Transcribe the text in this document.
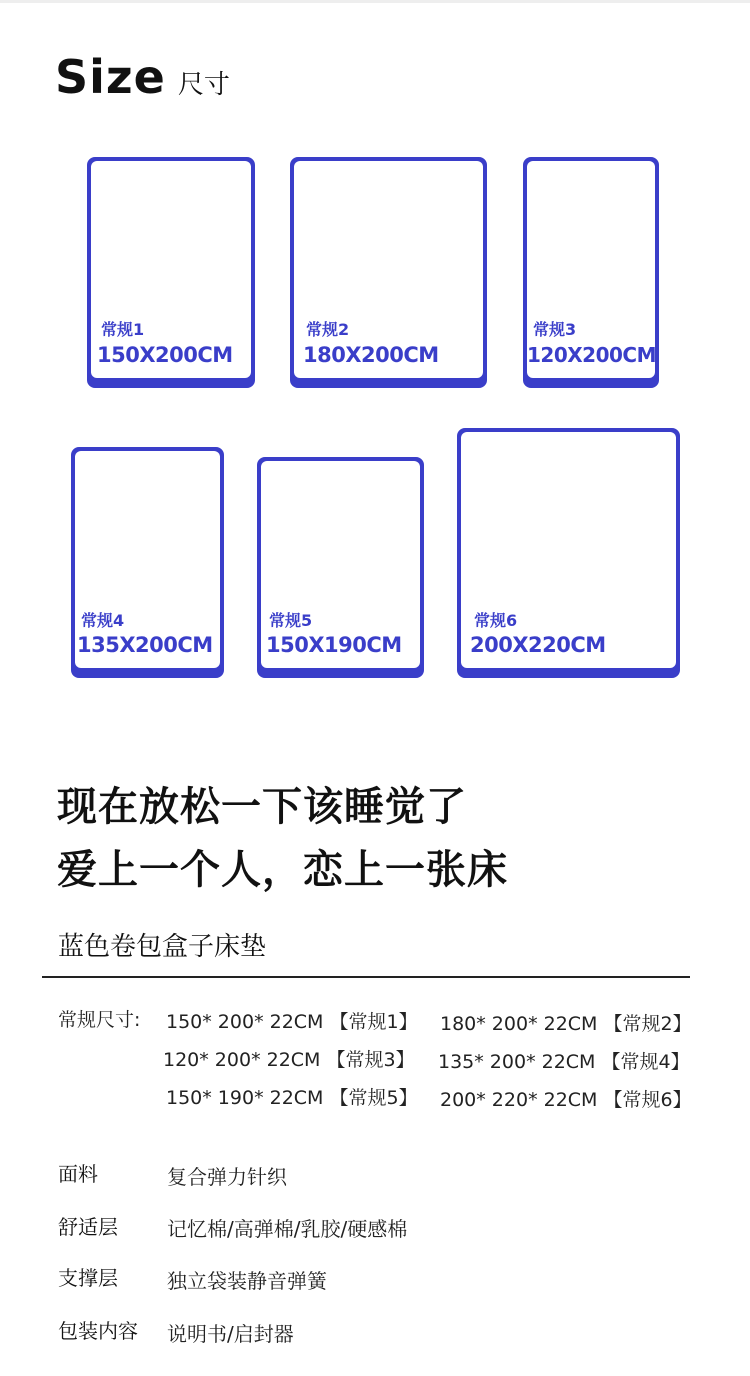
Size 尺寸
常规1
150X200CM
常规2
180X200CM
常规3
120X200CM
常规4
135X200CM
常规5
150X190CM
常规6
200X220CM
现在放松一下该睡觉了
爱上一个人，恋上一张床
蓝色卷包盒子床垫
常规尺寸: 150* 200* 22CM 【常规1】 180* 200* 22CM 【常规2】
120* 200* 22CM 【常规3】 135* 200* 22CM 【常规4】
150* 190* 22CM 【常规5】 200* 220* 22CM 【常规6】
面料	复合弹力针织
舒适层 记忆棉/高弹棉/乳胶/硬感棉
支撑层 独立袋装静音弹簧
包装内容 说明书/启封器
